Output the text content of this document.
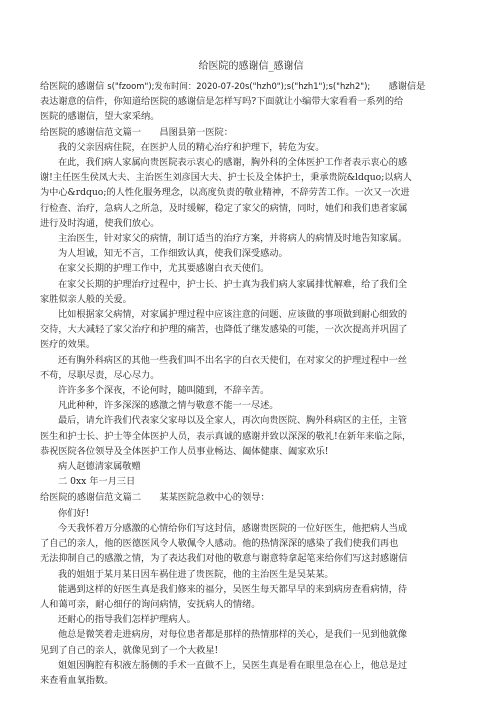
给医院的感谢信_感谢信
给医院的感谢信 s("fzoom");发布时间：2020-07-20s("hzh0");s("hzh1");s("hzh2");　　感谢信是
表达谢意的信件，你知道给医院的感谢信是怎样写吗?下面就让小编带大家看看一系列的给
医院的感谢信，望大家采纳。
给医院的感谢信范文篇一　　昌图县第一医院：
我的父亲因病住院，在医护人员的精心治疗和护理下，转危为安。
在此，我们病人家属向贵医院表示衷心的感谢，胸外科的全体医护工作者表示衷心的感
谢!主任医生侯凤大夫、主治医生刘彦国大夫、护士长及全体护士，秉承贵院&ldquo;以病人
为中心&rdquo;的人性化服务理念，以高度负责的敬业精神，不辞劳苦工作。一次又一次进
行检查、治疗，急病人之所急，及时缓解，稳定了家父的病情，同时，她们和我们患者家属
进行及时沟通，使我们放心。
主治医生，针对家父的病情，制订适当的治疗方案，并将病人的病情及时地告知家属。
为人坦诚，知无不言，工作细致认真，使我们深受感动。
在家父长期的护理工作中，尤其要感谢白衣天使们。
在家父长期的护理治疗过程中，护士长、护士真为我们病人家属排忧解难，给了我们全
家胜似亲人般的关爱。
比如根据家父病情，对家属护理过程中应该注意的问题、应该做的事项做到耐心细致的
交待，大大减轻了家父治疗和护理的痛苦，也降低了继发感染的可能，一次次提高并巩固了
医疗的效果。
还有胸外科病区的其他一些我们叫不出名字的白衣天使们，在对家父的护理过程中一丝
不苟，尽职尽责，尽心尽力。
许许多多个深夜，不论何时，随叫随到，不辞辛苦。
凡此种种，许多深深的感激之情与敬意不能一一尽述。
最后，请允许我们代表家父家母以及全家人，再次向贵医院、胸外科病区的主任，主管
医生和护士长、护士等全体医护人员，表示真诚的感谢并致以深深的敬礼!在新年来临之际，
恭祝医院各位领导及全体医护工作人员事业畅达、阖体健康、阖家欢乐!
病人赵德清家属敬赠
二 0xx 年一月三日
给医院的感谢信范文篇二　　某某医院急救中心的领导：
你们好!
今天我怀着万分感激的心情给你们写这封信，感谢贵医院的一位好医生，他把病人当成
了自己的亲人，他的医德医风令人敬佩令人感动。他的热情深深的感染了我们使我们再也
无法抑制自己的感激之情，为了表达我们对他的敬意与谢意特拿起笔来给你们写这封感谢信
我的姐姐于某月某日因车祸住进了贵医院，他的主治医生是吴某某。
能遇到这样的好医生真是我们修来的福分，吴医生每天都早早的来到病房查看病情，待
人和蔼可亲，耐心细仔的询问病情，安抚病人的情绪。
还耐心的指导我们怎样护理病人。
他总是微笑着走进病房，对每位患者都是那样的热情那样的关心，是我们一见到他就像
见到了自己的亲人，就像见到了一个大救星!
姐姐因胸腔有积液左肠侧的手术一直做不上，吴医生真是看在眼里急在心上，他总是过
来查看血氧指数。
